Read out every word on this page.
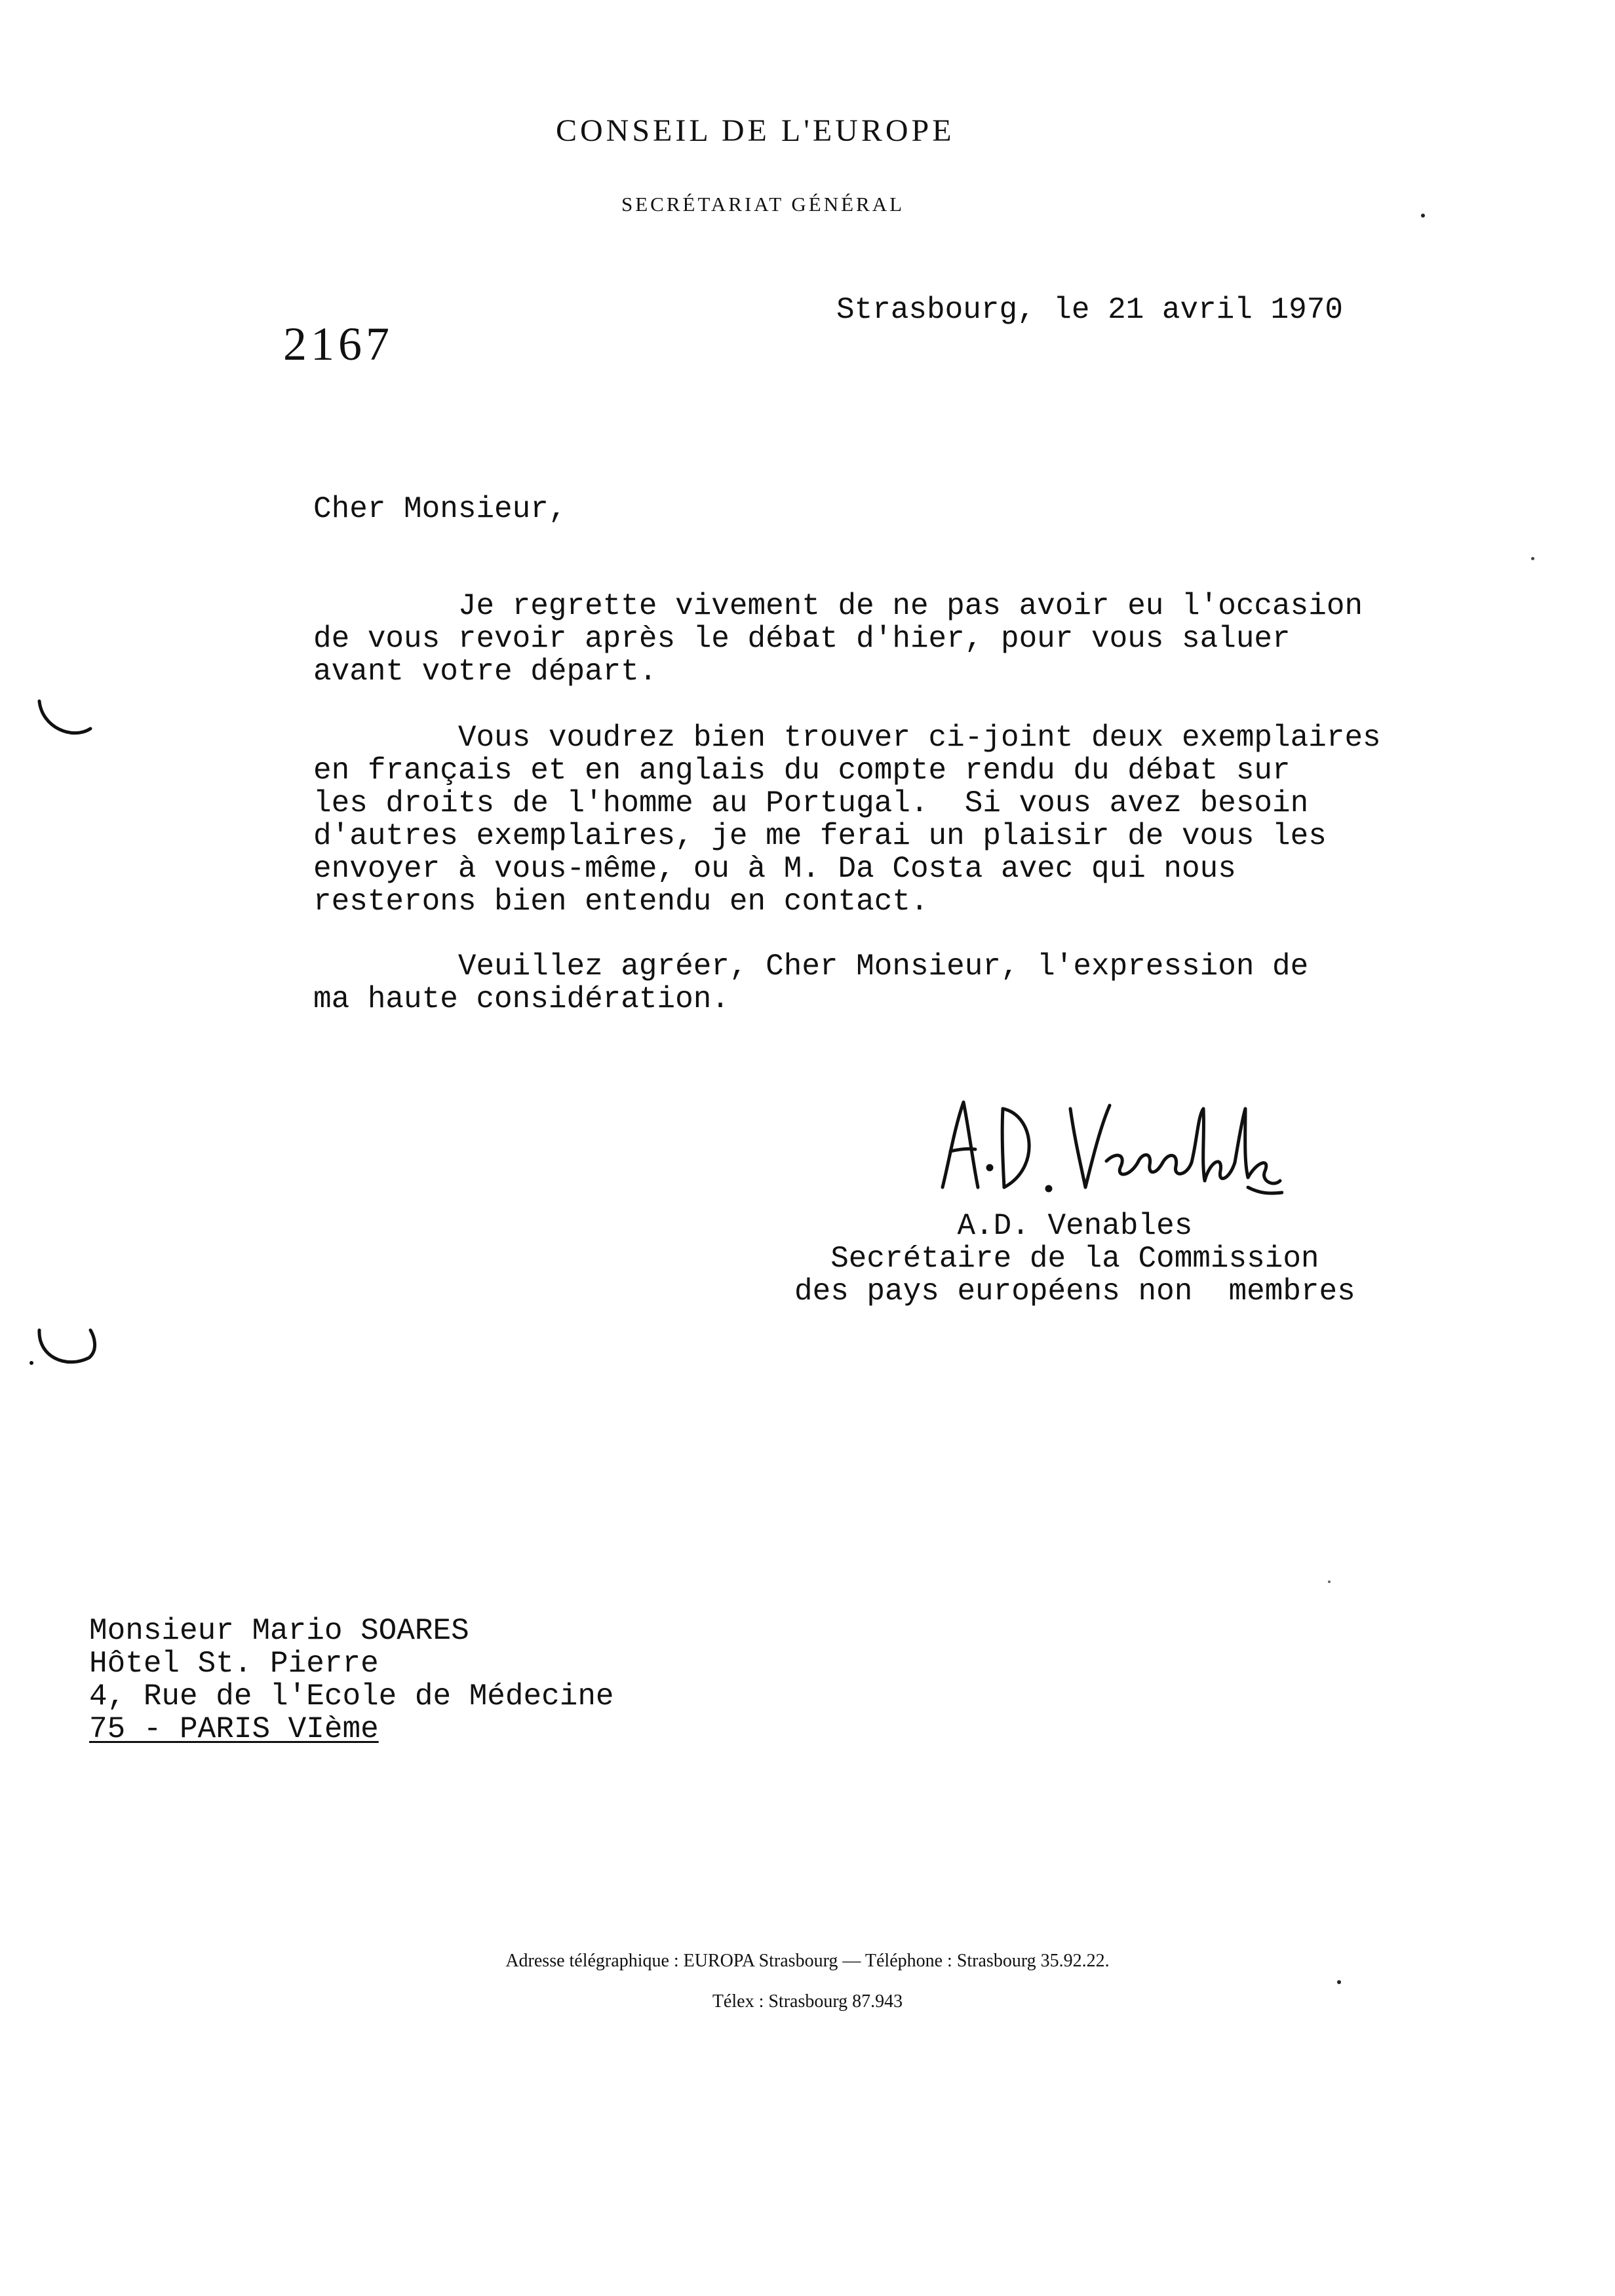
CONSEIL DE L'EUROPE
SECRÉTARIAT GÉNÉRAL
2167
Strasbourg, le 21 avril 1970
Cher Monsieur,
Je regrette vivement de ne pas avoir eu l'occasion
de vous revoir après le débat d'hier, pour vous saluer
avant votre départ.
Vous voudrez bien trouver ci-joint deux exemplaires
en français et en anglais du compte rendu du débat sur
les droits de l'homme au Portugal.  Si vous avez besoin
d'autres exemplaires, je me ferai un plaisir de vous les
envoyer à vous-même, ou à M. Da Costa avec qui nous
resterons bien entendu en contact.
Veuillez agréer, Cher Monsieur, l'expression de
ma haute considération.
A.D. Venables
Secrétaire de la Commission
des pays européens non  membres
Monsieur Mario SOARES
Hôtel St. Pierre
4, Rue de l'Ecole de Médecine
75 - PARIS VIème
Adresse télégraphique : EUROPA Strasbourg — Téléphone : Strasbourg 35.92.22.
Télex : Strasbourg 87.943
